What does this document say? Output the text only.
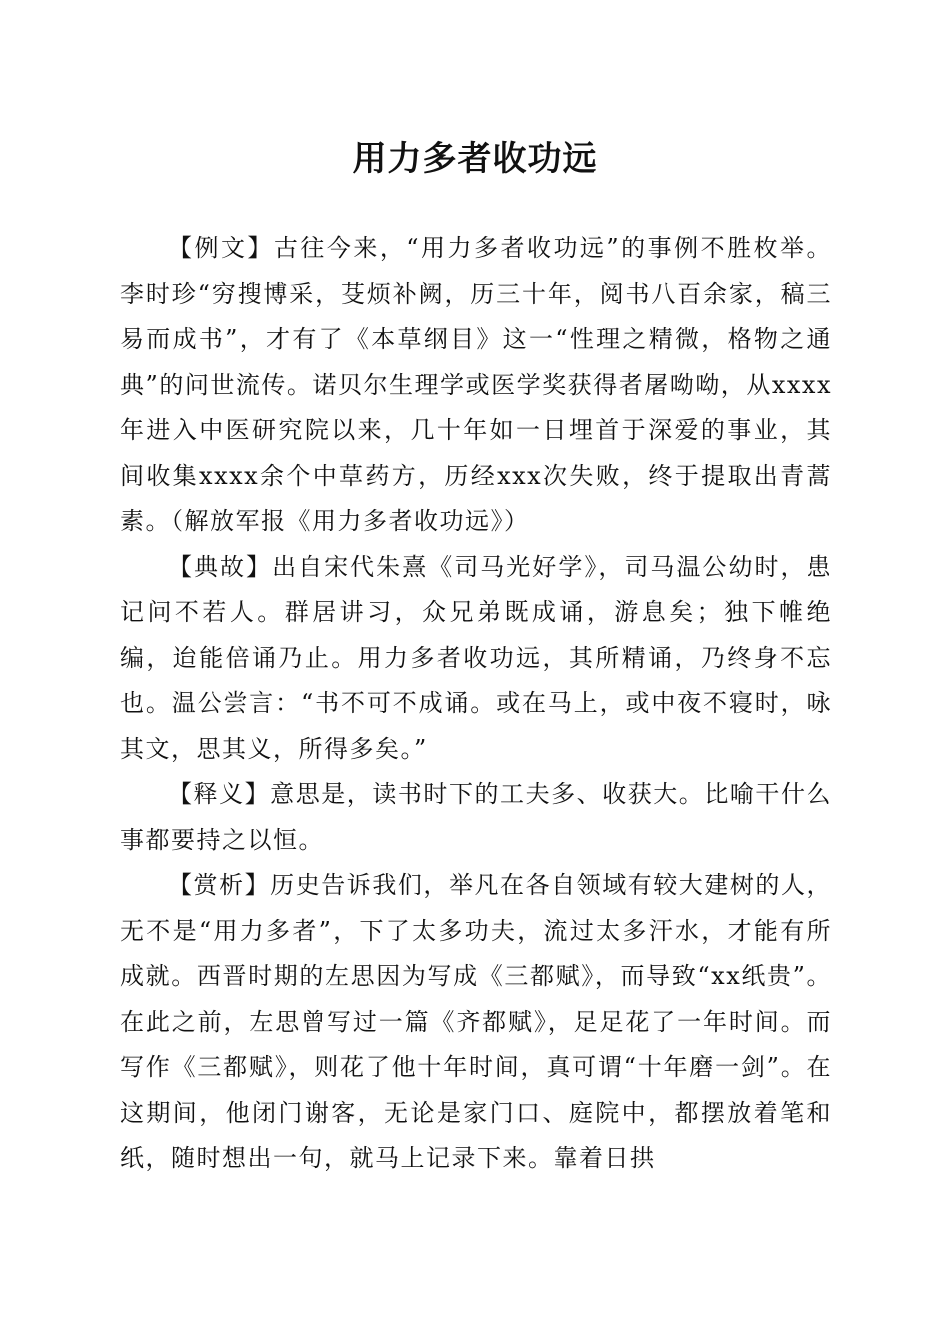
用力多者收功远

【例文】古往今来，“用力多者收功远”的事例不胜枚举。李时珍“穷搜博采，芟烦补阙，历三十年，阅书八百余家，稿三易而成书”，才有了《本草纲目》这一“性理之精微，格物之通典”的问世流传。诺贝尔生理学或医学奖获得者屠呦呦，从xxxx年进入中医研究院以来，几十年如一日埋首于深爱的事业，其间收集xxxx余个中草药方，历经xxx次失败，终于提取出青蒿素。（解放军报《用力多者收功远》）

【典故】出自宋代朱熹《司马光好学》，司马温公幼时，患记问不若人。群居讲习，众兄弟既成诵，游息矣；独下帷绝编，迨能倍诵乃止。用力多者收功远，其所精诵，乃终身不忘也。温公尝言：“书不可不成诵。或在马上，或中夜不寝时，咏其文，思其义，所得多矣。”

【释义】意思是，读书时下的工夫多、收获大。比喻干什么事都要持之以恒。

【赏析】历史告诉我们，举凡在各自领域有较大建树的人，无不是“用力多者”，下了太多功夫，流过太多汗水，才能有所成就。西晋时期的左思因为写成《三都赋》，而导致“xx纸贵”。在此之前，左思曾写过一篇《齐都赋》，足足花了一年时间。而写作《三都赋》，则花了他十年时间，真可谓“十年磨一剑”。在这期间，他闭门谢客，无论是家门口、庭院中，都摆放着笔和纸，随时想出一句，就马上记录下来。靠着日拱
